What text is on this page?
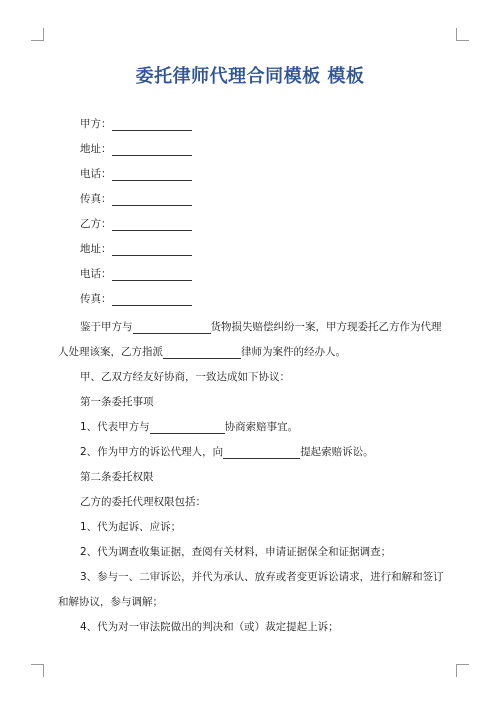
委托律师代理合同模板 模板
甲方：
地址：
电话：
传真：
乙方：
地址：
电话：
传真：
鉴于甲方与	货物损失赔偿纠纷一案，甲方现委托乙方作为代理
人处理该案，乙方指派	律师为案件的经办人。
甲、乙双方经友好协商，一致达成如下协议：
第一条委托事项
1、代表甲方与	协商索赔事宜。
2、作为甲方的诉讼代理人，向	提起索赔诉讼。
第二条委托权限
乙方的委托代理权限包括：
1、代为起诉、应诉；
2、代为调查收集证据，查阅有关材料，申请证据保全和证据调查；
3、参与一、二审诉讼，并代为承认、放弃或者变更诉讼请求，进行和解和签订
和解协议，参与调解；
4、代为对一审法院做出的判决和（或）裁定提起上诉；
